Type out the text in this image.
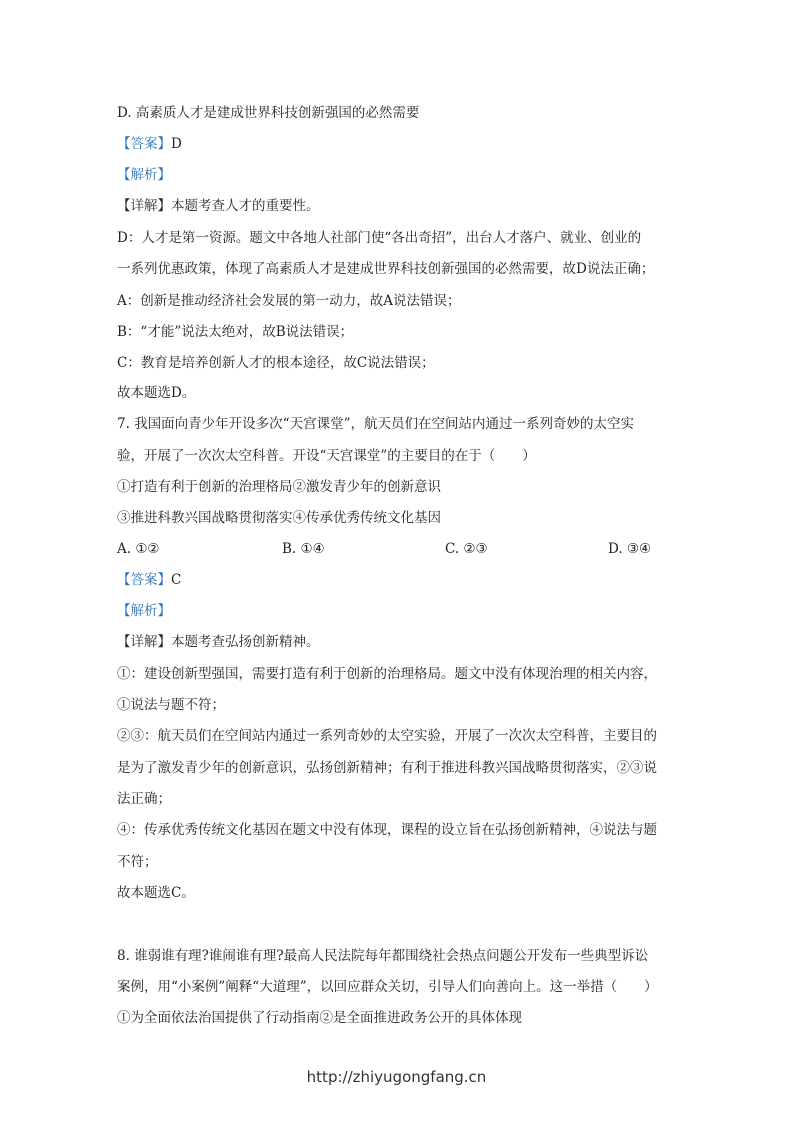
D. 高素质人才是建成世界科技创新强国的必然需要
【答案】D
【解析】
【详解】本题考查人才的重要性。
D：人才是第一资源。题文中各地人社部门使“各出奇招”，出台人才落户、就业、创业的
一系列优惠政策，体现了高素质人才是建成世界科技创新强国的必然需要，故D说法正确；
A：创新是推动经济社会发展的第一动力，故A说法错误；
B：“才能”说法太绝对，故B说法错误；
C：教育是培养创新人才的根本途径，故C说法错误；
故本题选D。
7. 我国面向青少年开设多次“天宫课堂”，航天员们在空间站内通过一系列奇妙的太空实
验，开展了一次次太空科普。开设“天宫课堂”的主要目的在于（　　）
①打造有利于创新的治理格局②激发青少年的创新意识
③推进科教兴国战略贯彻落实④传承优秀传统文化基因
A. ①②	B. ①④	C. ②③	D. ③④
【答案】C
【解析】
【详解】本题考查弘扬创新精神。
①：建设创新型强国，需要打造有利于创新的治理格局。题文中没有体现治理的相关内容，
①说法与题不符；
②③：航天员们在空间站内通过一系列奇妙的太空实验，开展了一次次太空科普，主要目的
是为了激发青少年的创新意识，弘扬创新精神；有利于推进科教兴国战略贯彻落实，②③说
法正确；
④：传承优秀传统文化基因在题文中没有体现，课程的设立旨在弘扬创新精神，④说法与题
不符；
故本题选C。
8. 谁弱谁有理?谁闹谁有理?最高人民法院每年都围绕社会热点问题公开发布一些典型诉讼
案例，用“小案例”阐释“大道理”，以回应群众关切，引导人们向善向上。这一举措（　　）
①为全面依法治国提供了行动指南②是全面推进政务公开的具体体现
http://zhiyugongfang.cn
